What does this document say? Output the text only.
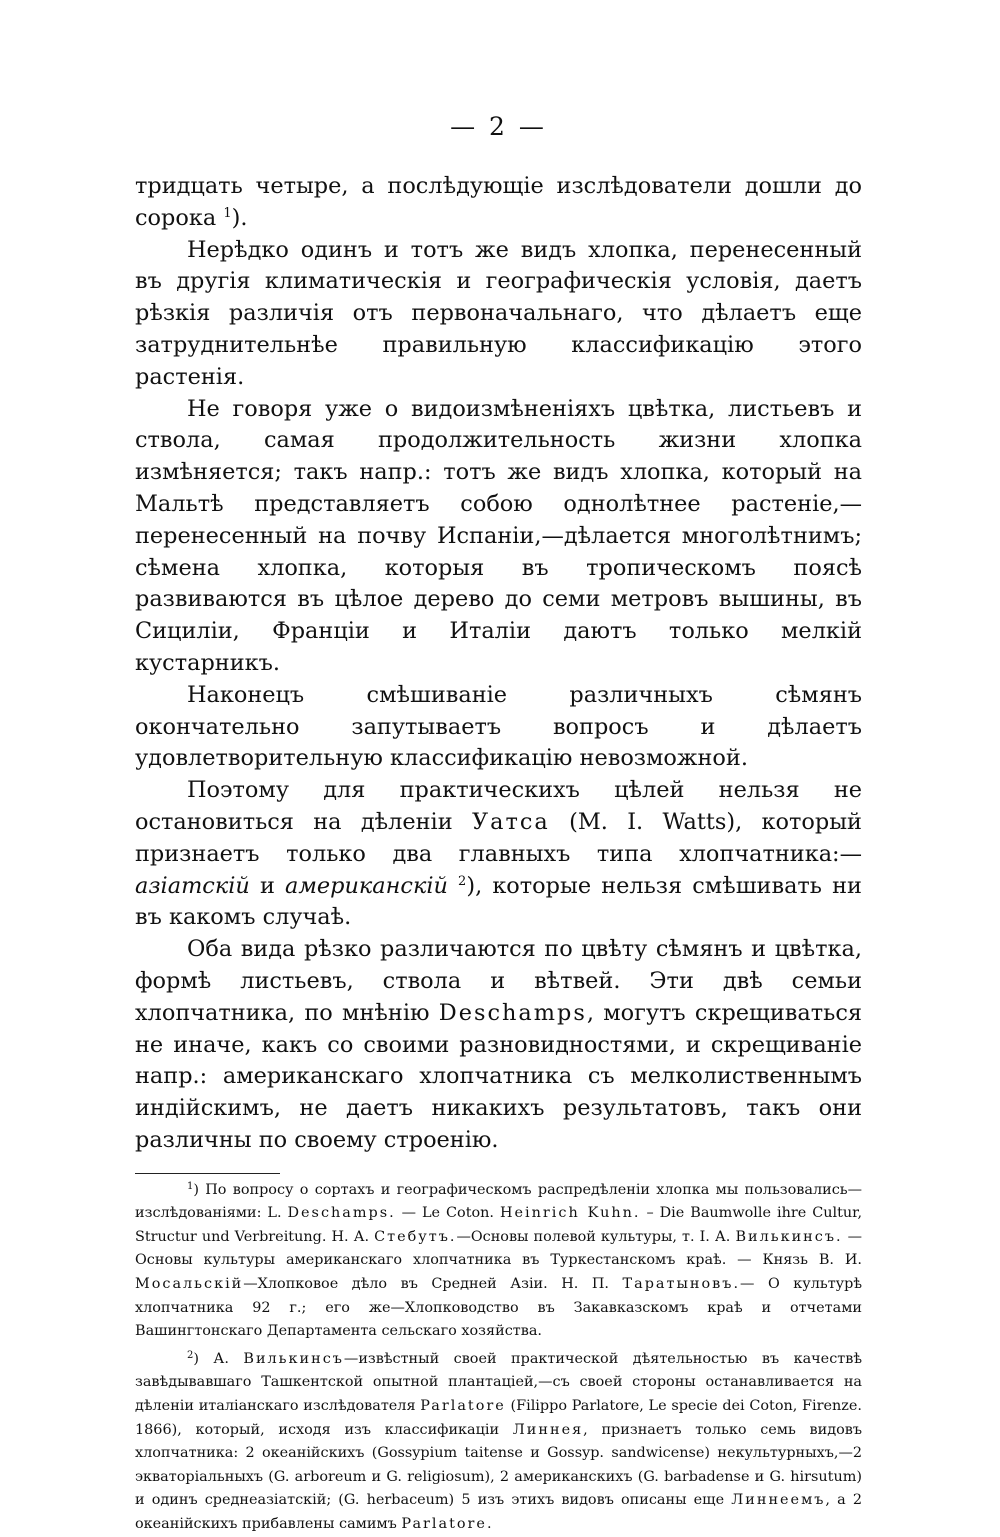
— 2 —

тридцать четыре, а послѣдующіе изслѣдователи дошли до сорока $^1$).

Нерѣдко одинъ и тотъ же видъ хлопка, перенесенный въ другія климатическія и географическія условія, даетъ рѣзкія различія отъ первоначальнаго, что дѣлаетъ еще затруднительнѣе правильную классификацію этого растенія.

Не говоря уже о видоизмѣненіяхъ цвѣтка, листьевъ и ствола, самая продолжительность жизни хлопка измѣняется; такъ напр.: тотъ же видъ хлопка, который на Мальтѣ представляетъ собою однолѣтнее растеніе,—перенесенный на почву Испаніи,—дѣлается многолѣтнимъ; сѣмена хлопка, которыя въ тропическомъ поясѣ развиваются въ цѣлое дерево до семи метровъ вышины, въ Сициліи, Франціи и Италіи даютъ только мелкій кустарникъ.

Наконецъ смѣшиваніе различныхъ сѣмянъ окончательно запутываетъ вопросъ и дѣлаетъ удовлетворительную классификацію невозможной.

Поэтому для практическихъ цѣлей нельзя не остановиться на дѣленіи Уатса (M. I. Watts), который признаетъ только два главныхъ типа хлопчатника:—азіатскій и американскій $^2$), которые нельзя смѣшивать ни въ какомъ случаѣ.

Оба вида рѣзко различаются по цвѣту сѣмянъ и цвѣтка, формѣ листьевъ, ствола и вѣтвей. Эти двѣ семьи хлопчатника, по мнѣнію Deschamps, могутъ скрещиваться не иначе, какъ со своими разновидностями, и скрещиваніе напр.: американскаго хлопчатника съ мелколиственнымъ индійскимъ, не даетъ никакихъ результатовъ, такъ они различны по своему строенію.

$^1$) По вопросу о сортахъ и географическомъ распредѣленіи хлопка мы пользовались—изслѣдованіями: L. Deschamps. — Le Coton. Heinrich Kuhn. – Die Baumwolle ihre Cultur, Structur und Verbreitung. Н. А. Стебутъ.—Основы полевой культуры, т. І. А. Вилькинсъ. — Основы культуры американскаго хлопчатника въ Туркестанскомъ краѣ. — Князь В. И. Мосальскій—Хлопковое дѣло въ Средней Азіи. Н. П. Таратыновъ.— О культурѣ хлопчатника 92 г.; его же—Хлопководство въ Закавказскомъ краѣ и отчетами Вашингтонскаго Департамента сельскаго хозяйства.

$^2$) А. Вилькинсъ—извѣстный своей практической дѣятельностью въ качествѣ завѣдывавшаго Ташкентской опытной плантаціей,—съ своей стороны останавливается на дѣленіи италіанскаго изслѣдователя Parlatore (Filippo Parlatore, Le specie dei Coton, Firenze. 1866), который, исходя изъ классификаціи Линнея, признаетъ только семь видовъ хлопчатника: 2 океанійскихъ (Gossypium taitense и Gossyp. sandwicense) некультурныхъ,—2 экваторіальныхъ (G. arboreum и G. religiosum), 2 американскихъ (G. barbadense и G. hirsutum) и одинъ среднеазіатскій; (G. herbaceum) 5 изъ этихъ видовъ описаны еще Линнеемъ, а 2 океанійскихъ прибавлены самимъ Parlatore.
